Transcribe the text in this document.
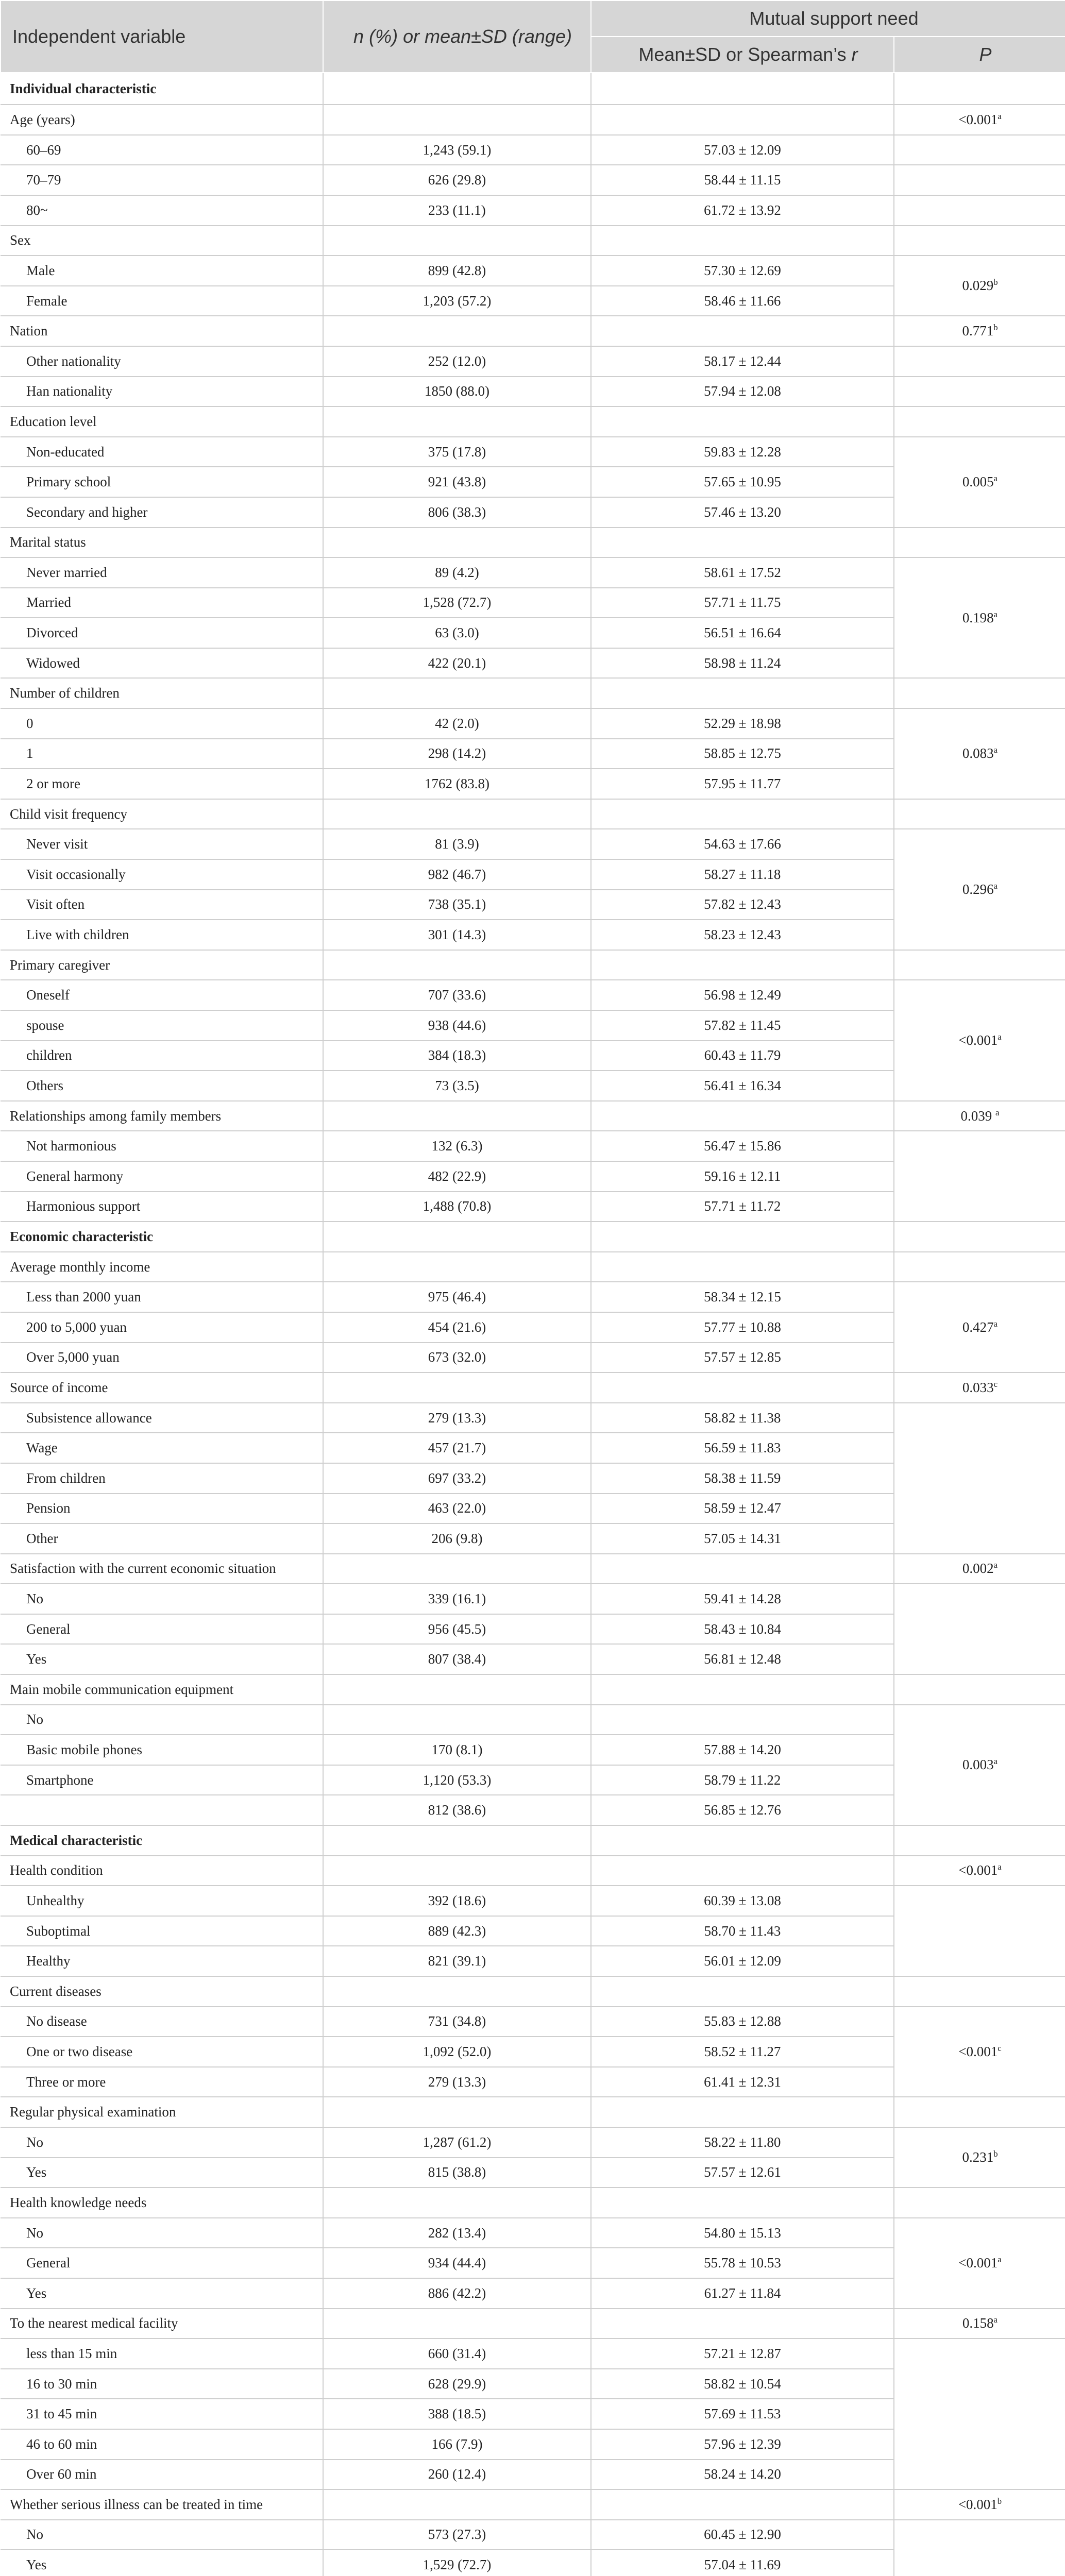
Independent variable	n (%) or mean±SD (range)	Mutual support need	
		Mean±SD or Spearman’s r	P
Individual characteristic			
Age (years)			<0.001$^a$
60–69	1,243 (59.1)	57.03 ± 12.09	
70–79	626 (29.8)	58.44 ± 11.15	
80~	233 (11.1)	61.72 ± 13.92	
Sex			
Male	899 (42.8)	57.30 ± 12.69	0.029$^b$
Female	1,203 (57.2)	58.46 ± 11.66	
Nation			0.771$^b$
Other nationality	252 (12.0)	58.17 ± 12.44	
Han nationality	1850 (88.0)	57.94 ± 12.08	
Education level			
Non-educated	375 (17.8)	59.83 ± 12.28	0.005$^a$
Primary school	921 (43.8)	57.65 ± 10.95	
Secondary and higher	806 (38.3)	57.46 ± 13.20	
Marital status			
Never married	89 (4.2)	58.61 ± 17.52	0.198$^a$
Married	1,528 (72.7)	57.71 ± 11.75	
Divorced	63 (3.0)	56.51 ± 16.64	
Widowed	422 (20.1)	58.98 ± 11.24	
Number of children			
0	42 (2.0)	52.29 ± 18.98	0.083$^a$
1	298 (14.2)	58.85 ± 12.75	
2 or more	1762 (83.8)	57.95 ± 11.77	
Child visit frequency			
Never visit	81 (3.9)	54.63 ± 17.66	0.296$^a$
Visit occasionally	982 (46.7)	58.27 ± 11.18	
Visit often	738 (35.1)	57.82 ± 12.43	
Live with children	301 (14.3)	58.23 ± 12.43	
Primary caregiver			
Oneself	707 (33.6)	56.98 ± 12.49	<0.001$^a$
spouse	938 (44.6)	57.82 ± 11.45	
children	384 (18.3)	60.43 ± 11.79	
Others	73 (3.5)	56.41 ± 16.34	
Relationships among family members			0.039 $^a$
Not harmonious	132 (6.3)	56.47 ± 15.86	
General harmony	482 (22.9)	59.16 ± 12.11	
Harmonious support	1,488 (70.8)	57.71 ± 11.72	
Economic characteristic			
Average monthly income			
Less than 2000 yuan	975 (46.4)	58.34 ± 12.15	0.427$^a$
200 to 5,000 yuan	454 (21.6)	57.77 ± 10.88	
Over 5,000 yuan	673 (32.0)	57.57 ± 12.85	
Source of income			0.033$^c$
Subsistence allowance	279 (13.3)	58.82 ± 11.38	
Wage	457 (21.7)	56.59 ± 11.83	
From children	697 (33.2)	58.38 ± 11.59	
Pension	463 (22.0)	58.59 ± 12.47	
Other	206 (9.8)	57.05 ± 14.31	
Satisfaction with the current economic situation			0.002$^a$
No	339 (16.1)	59.41 ± 14.28	
General	956 (45.5)	58.43 ± 10.84	
Yes	807 (38.4)	56.81 ± 12.48	
Main mobile communication equipment			
No			0.003$^a$
Basic mobile phones	170 (8.1)	57.88 ± 14.20	
Smartphone	1,120 (53.3)	58.79 ± 11.22	
	812 (38.6)	56.85 ± 12.76	
Medical characteristic			
Health condition			<0.001$^a$
Unhealthy	392 (18.6)	60.39 ± 13.08	
Suboptimal	889 (42.3)	58.70 ± 11.43	
Healthy	821 (39.1)	56.01 ± 12.09	
Current diseases			
No disease	731 (34.8)	55.83 ± 12.88	<0.001$^c$
One or two disease	1,092 (52.0)	58.52 ± 11.27	
Three or more	279 (13.3)	61.41 ± 12.31	
Regular physical examination			
No	1,287 (61.2)	58.22 ± 11.80	0.231$^b$
Yes	815 (38.8)	57.57 ± 12.61	
Health knowledge needs			
No	282 (13.4)	54.80 ± 15.13	<0.001$^a$
General	934 (44.4)	55.78 ± 10.53	
Yes	886 (42.2)	61.27 ± 11.84	
To the nearest medical facility			0.158$^a$
less than 15 min	660 (31.4)	57.21 ± 12.87	
16 to 30 min	628 (29.9)	58.82 ± 10.54	
31 to 45 min	388 (18.5)	57.69 ± 11.53	
46 to 60 min	166 (7.9)	57.96 ± 12.39	
Over 60 min	260 (12.4)	58.24 ± 14.20	
Whether serious illness can be treated in time			<0.001$^b$
No	573 (27.3)	60.45 ± 12.90	
Yes	1,529 (72.7)	57.04 ± 11.69	
